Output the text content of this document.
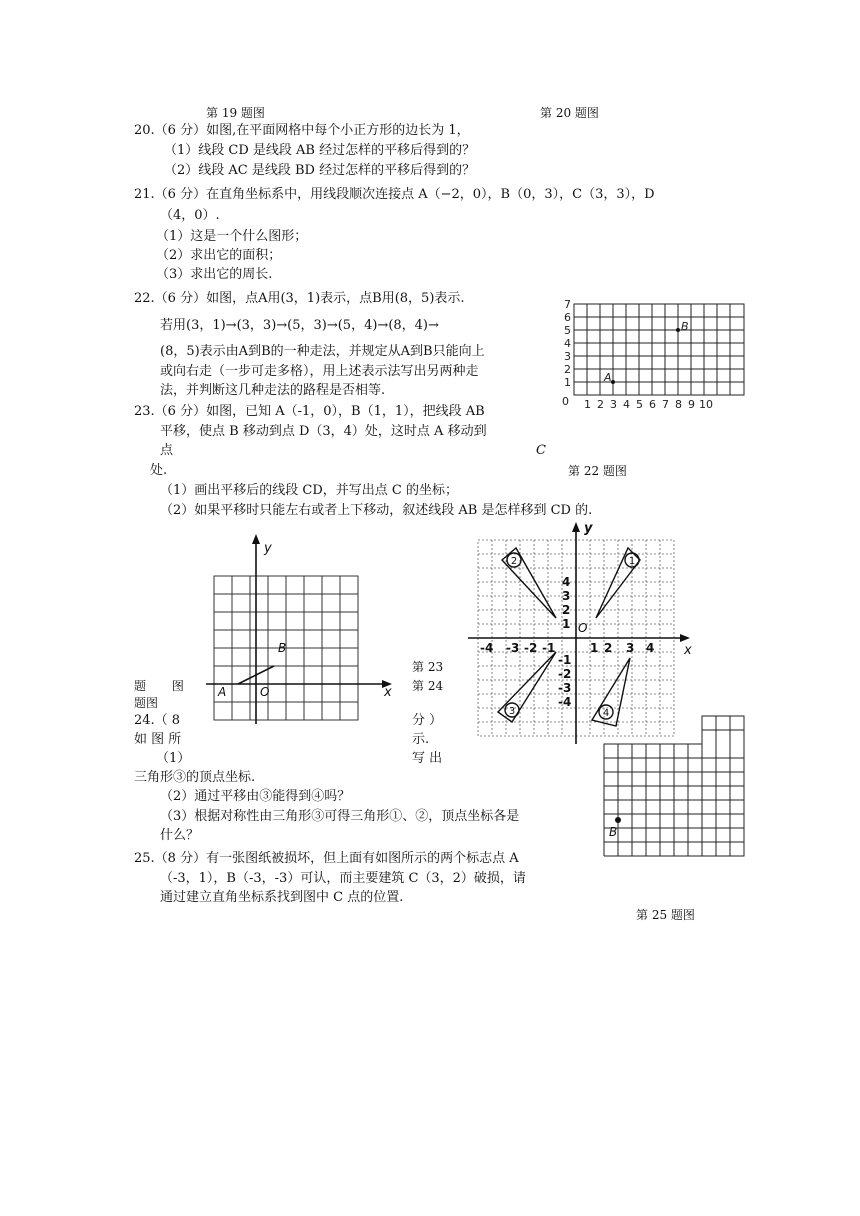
第 19 题图	第 20 题图
20.（6 分）如图,在平面网格中每个小正方形的边长为 1，
（1）线段 CD 是线段 AB 经过怎样的平移后得到的？
（2）线段 AC 是线段 BD 经过怎样的平移后得到的？
21.（6 分）在直角坐标系中，用线段顺次连接点 A（−2，0），B（0，3），C（3，3），D
（4，0）.
（1）这是一个什么图形；
（2）求出它的面积；
（3）求出它的周长.
22.（6 分）如图，点A用(3，1)表示，点B用(8，5)表示.
若用(3，1)→(3，3)→(5，3)→(5，4)→(8，4)→
(8，5)表示由A到B的一种走法，并规定从A到B只能向上
或向右走（一步可走多格），用上述表示法写出另两种走
法，并判断这几种走法的路程是否相等.
23.（6 分）如图，已知 A（-1，0），B（1，1），把线段 AB
平移，使点 B 移动到点 D（3，4）处，这时点 A 移动到
点	C
处.	第 22 题图
（1）画出平移后的线段 CD，并写出点 C 的坐标；
（2）如果平移时只能左右或者上下移动，叙述线段 AB 是怎样移到 CD 的.
0 1 2 3 4 5 6 7 8 9 10
1
2
3
4
5
6
7
A
B
x
y
A
B
O
1
2
3	4
-4 -3 -2 -1	1 2 3 4
4
3
2
1
-1
-2
-3
-4
x
y
O
B
第 23
第 24
题 图
题图
24.（ 8	分 ）
如 图 所	示.
（1）	写 出
三角形③的顶点坐标.
（2）通过平移由③能得到④吗？
（3）根据对称性由三角形③可得三角形①、②，顶点坐标各是
什么？
25.（8 分）有一张图纸被损坏，但上面有如图所示的两个标志点 A
（-3，1），B（-3，-3）可认，而主要建筑 C（3，2）破损，请
通过建立直角坐标系找到图中 C 点的位置.
第 25 题图
